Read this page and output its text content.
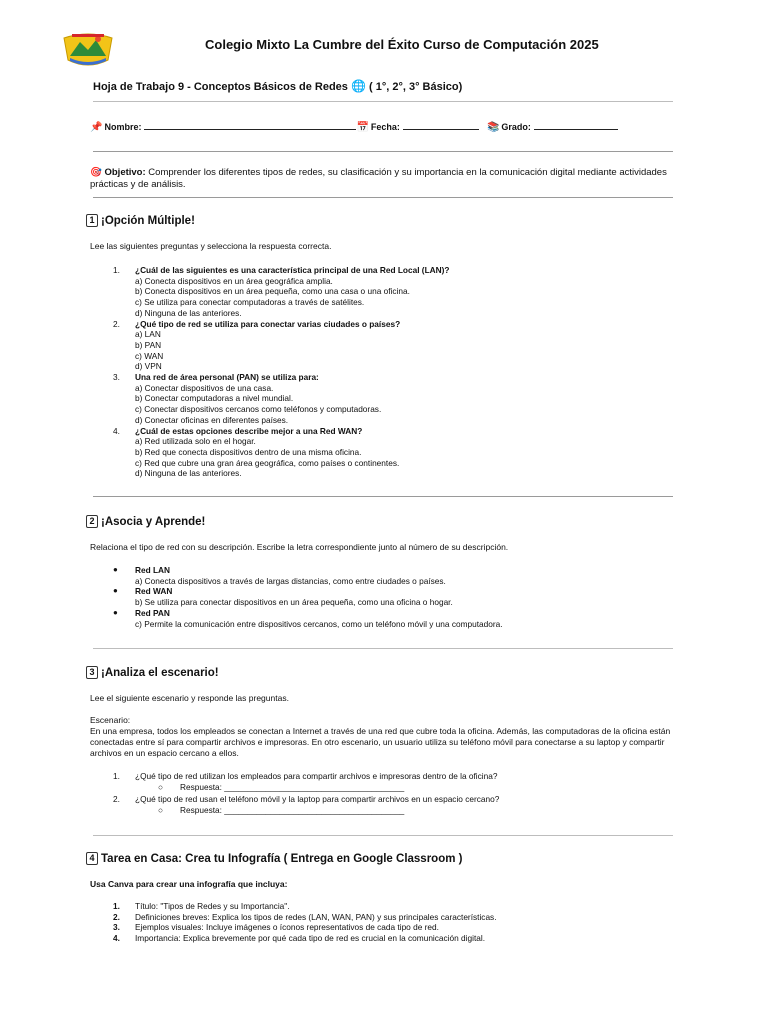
Colegio Mixto La Cumbre del Éxito Curso de Computación 2025
Hoja de Trabajo 9 - Conceptos Básicos de Redes 🌐 ( 1°, 2°, 3° Básico)
📌 Nombre:	📅 Fecha:	📚 Grado:
🎯 Objetivo: Comprender los diferentes tipos de redes, su clasificación y su importancia en la comunicación digital mediante actividades prácticas y de análisis.
1 ¡Opción Múltiple!
Lee las siguientes preguntas y selecciona la respuesta correcta.
1.	¿Cuál de las siguientes es una característica principal de una Red Local (LAN)?
a) Conecta dispositivos en un área geográfica amplia.
b) Conecta dispositivos en un área pequeña, como una casa o una oficina.
c) Se utiliza para conectar computadoras a través de satélites.
d) Ninguna de las anteriores.
2.	¿Qué tipo de red se utiliza para conectar varias ciudades o países?
a) LAN
b) PAN
c) WAN
d) VPN
3.	Una red de área personal (PAN) se utiliza para:
a) Conectar dispositivos de una casa.
b) Conectar computadoras a nivel mundial.
c) Conectar dispositivos cercanos como teléfonos y computadoras.
d) Conectar oficinas en diferentes países.
4.	¿Cuál de estas opciones describe mejor a una Red WAN?
a) Red utilizada solo en el hogar.
b) Red que conecta dispositivos dentro de una misma oficina.
c) Red que cubre una gran área geográfica, como países o continentes.
d) Ninguna de las anteriores.
2 ¡Asocia y Aprende!
Relaciona el tipo de red con su descripción. Escribe la letra correspondiente junto al número de su descripción.
●	Red LAN
a) Conecta dispositivos a través de largas distancias, como entre ciudades o países.
●	Red WAN
b) Se utiliza para conectar dispositivos en un área pequeña, como una oficina o hogar.
●	Red PAN
c) Permite la comunicación entre dispositivos cercanos, como un teléfono móvil y una computadora.
3 ¡Analiza el escenario!
Lee el siguiente escenario y responde las preguntas.
Escenario:
En una empresa, todos los empleados se conectan a Internet a través de una red que cubre toda la oficina. Además, las computadoras de la oficina están conectadas entre sí para compartir archivos e impresoras. En otro escenario, un usuario utiliza su teléfono móvil para conectarse a su laptop y compartir archivos en un espacio cercano a ellos.
1.	¿Qué tipo de red utilizan los empleados para compartir archivos e impresoras dentro de la oficina?
○	Respuesta: _______________________________________
2.	¿Qué tipo de red usan el teléfono móvil y la laptop para compartir archivos en un espacio cercano?
○	Respuesta: _______________________________________
4 Tarea en Casa: Crea tu Infografía ( Entrega en Google Classroom )
Usa Canva para crear una infografía que incluya:
1.	Título: "Tipos de Redes y su Importancia".
2.	Definiciones breves: Explica los tipos de redes (LAN, WAN, PAN) y sus principales características.
3.	Ejemplos visuales: Incluye imágenes o íconos representativos de cada tipo de red.
4.	Importancia: Explica brevemente por qué cada tipo de red es crucial en la comunicación digital.
